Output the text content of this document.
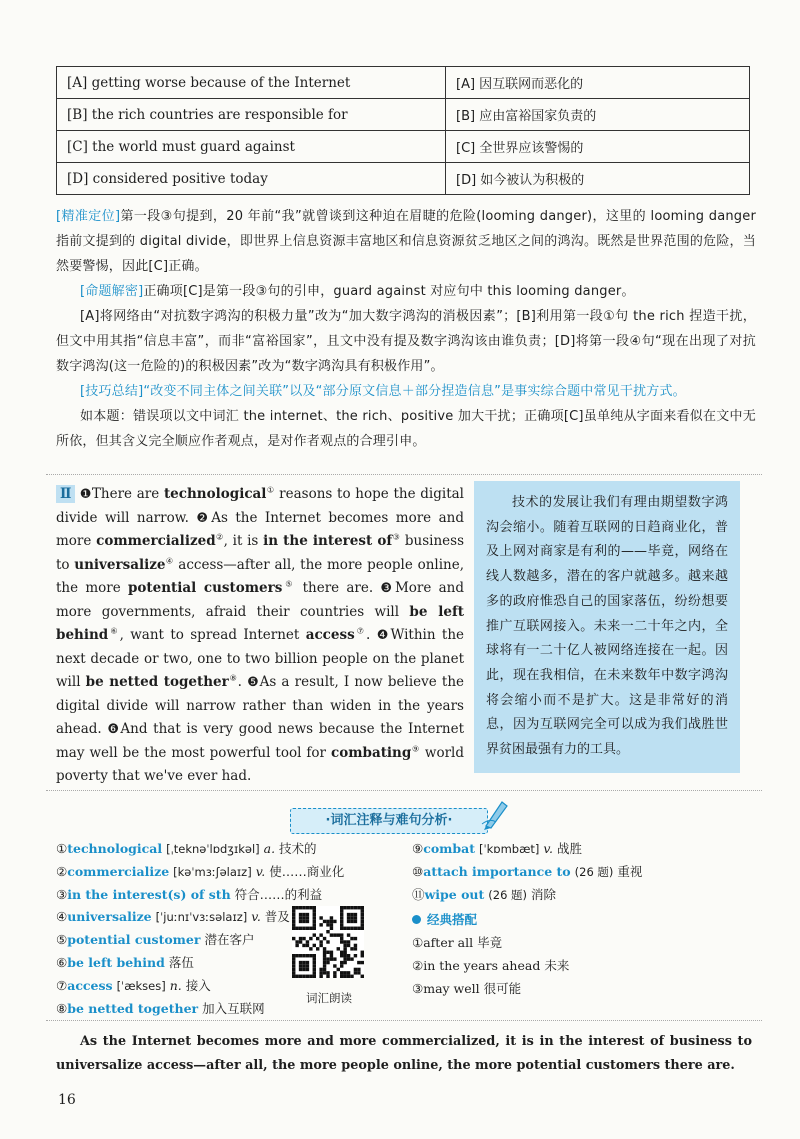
[A] getting worse because of the Internet	[A] 因互联网而恶化的
[B] the rich countries are responsible for	[B] 应由富裕国家负责的
[C] the world must guard against	[C] 全世界应该警惕的
[D] considered positive today	[D] 如今被认为积极的

[精准定位]第一段③句提到，20 年前“我”就曾谈到这种迫在眉睫的危险(looming danger)，这里的 looming danger 指前文提到的 digital divide，即世界上信息资源丰富地区和信息资源贫乏地区之间的鸿沟。既然是世界范围的危险，当然要警惕，因此[C]正确。

[命题解密]正确项[C]是第一段③句的引申，guard against 对应句中 this looming danger。

[A]将网络由“对抗数字鸿沟的积极力量”改为“加大数字鸿沟的消极因素”；[B]利用第一段①句 the rich 捏造干扰，但文中用其指“信息丰富”，而非“富裕国家”，且文中没有提及数字鸿沟该由谁负责；[D]将第一段④句“现在出现了对抗数字鸿沟(这一危险的)的积极因素”改为“数字鸿沟具有积极作用”。

[技巧总结]“改变不同主体之间关联”以及“部分原文信息＋部分捏造信息”是事实综合题中常见干扰方式。

如本题：错误项以文中词汇 the internet、the rich、positive 加大干扰；正确项[C]虽单纯从字面来看似在文中无所依，但其含义完全顺应作者观点，是对作者观点的合理引申。

Ⅱ ❶There are technological① reasons to hope the digital divide will narrow. ❷As the Internet becomes more and more commercialized②, it is in the interest of③ business to universalize④ access—after all, the more people online, the more potential customers⑤ there are. ❸More and more governments, afraid their countries will be left behind⑥, want to spread Internet access⑦. ❹Within the next decade or two, one to two billion people on the planet will be netted together⑧. ❺As a result, I now believe the digital divide will narrow rather than widen in the years ahead. ❻And that is very good news because the Internet may well be the most powerful tool for combating⑨ world poverty that we've ever had.

技术的发展让我们有理由期望数字鸿沟会缩小。随着互联网的日趋商业化，普及上网对商家是有利的——毕竟，网络在线人数越多，潜在的客户就越多。越来越多的政府惟恐自己的国家落伍，纷纷想要推广互联网接入。未来一二十年之内，全球将有一二十亿人被网络连接在一起。因此，现在我相信，在未来数年中数字鸿沟将会缩小而不是扩大。这是非常好的消息，因为互联网完全可以成为我们战胜世界贫困最强有力的工具。

·词汇注释与难句分析·
①technological [ˌteknəˈlɒdʒɪkəl] a. 技术的
②commercialize [kəˈmɜːʃəlaɪz] v. 使……商业化
③in the interest(s) of sth 符合……的利益
④universalize [ˈjuːnɪˈvɜːsəlaɪz] v. 普及
⑤potential customer 潜在客户
⑥be left behind 落伍
⑦access [ˈækses] n. 接入
⑧be netted together 加入互联网
⑨combat [ˈkɒmbæt] v. 战胜
⑩attach importance to (26 题) 重视
⑪wipe out (26 题) 消除
经典搭配
①after all 毕竟
②in the years ahead 未来
③may well 很可能
词汇朗读

As the Internet becomes more and more commercialized, it is in the interest of business to universalize access—after all, the more people online, the more potential customers there are.

16
